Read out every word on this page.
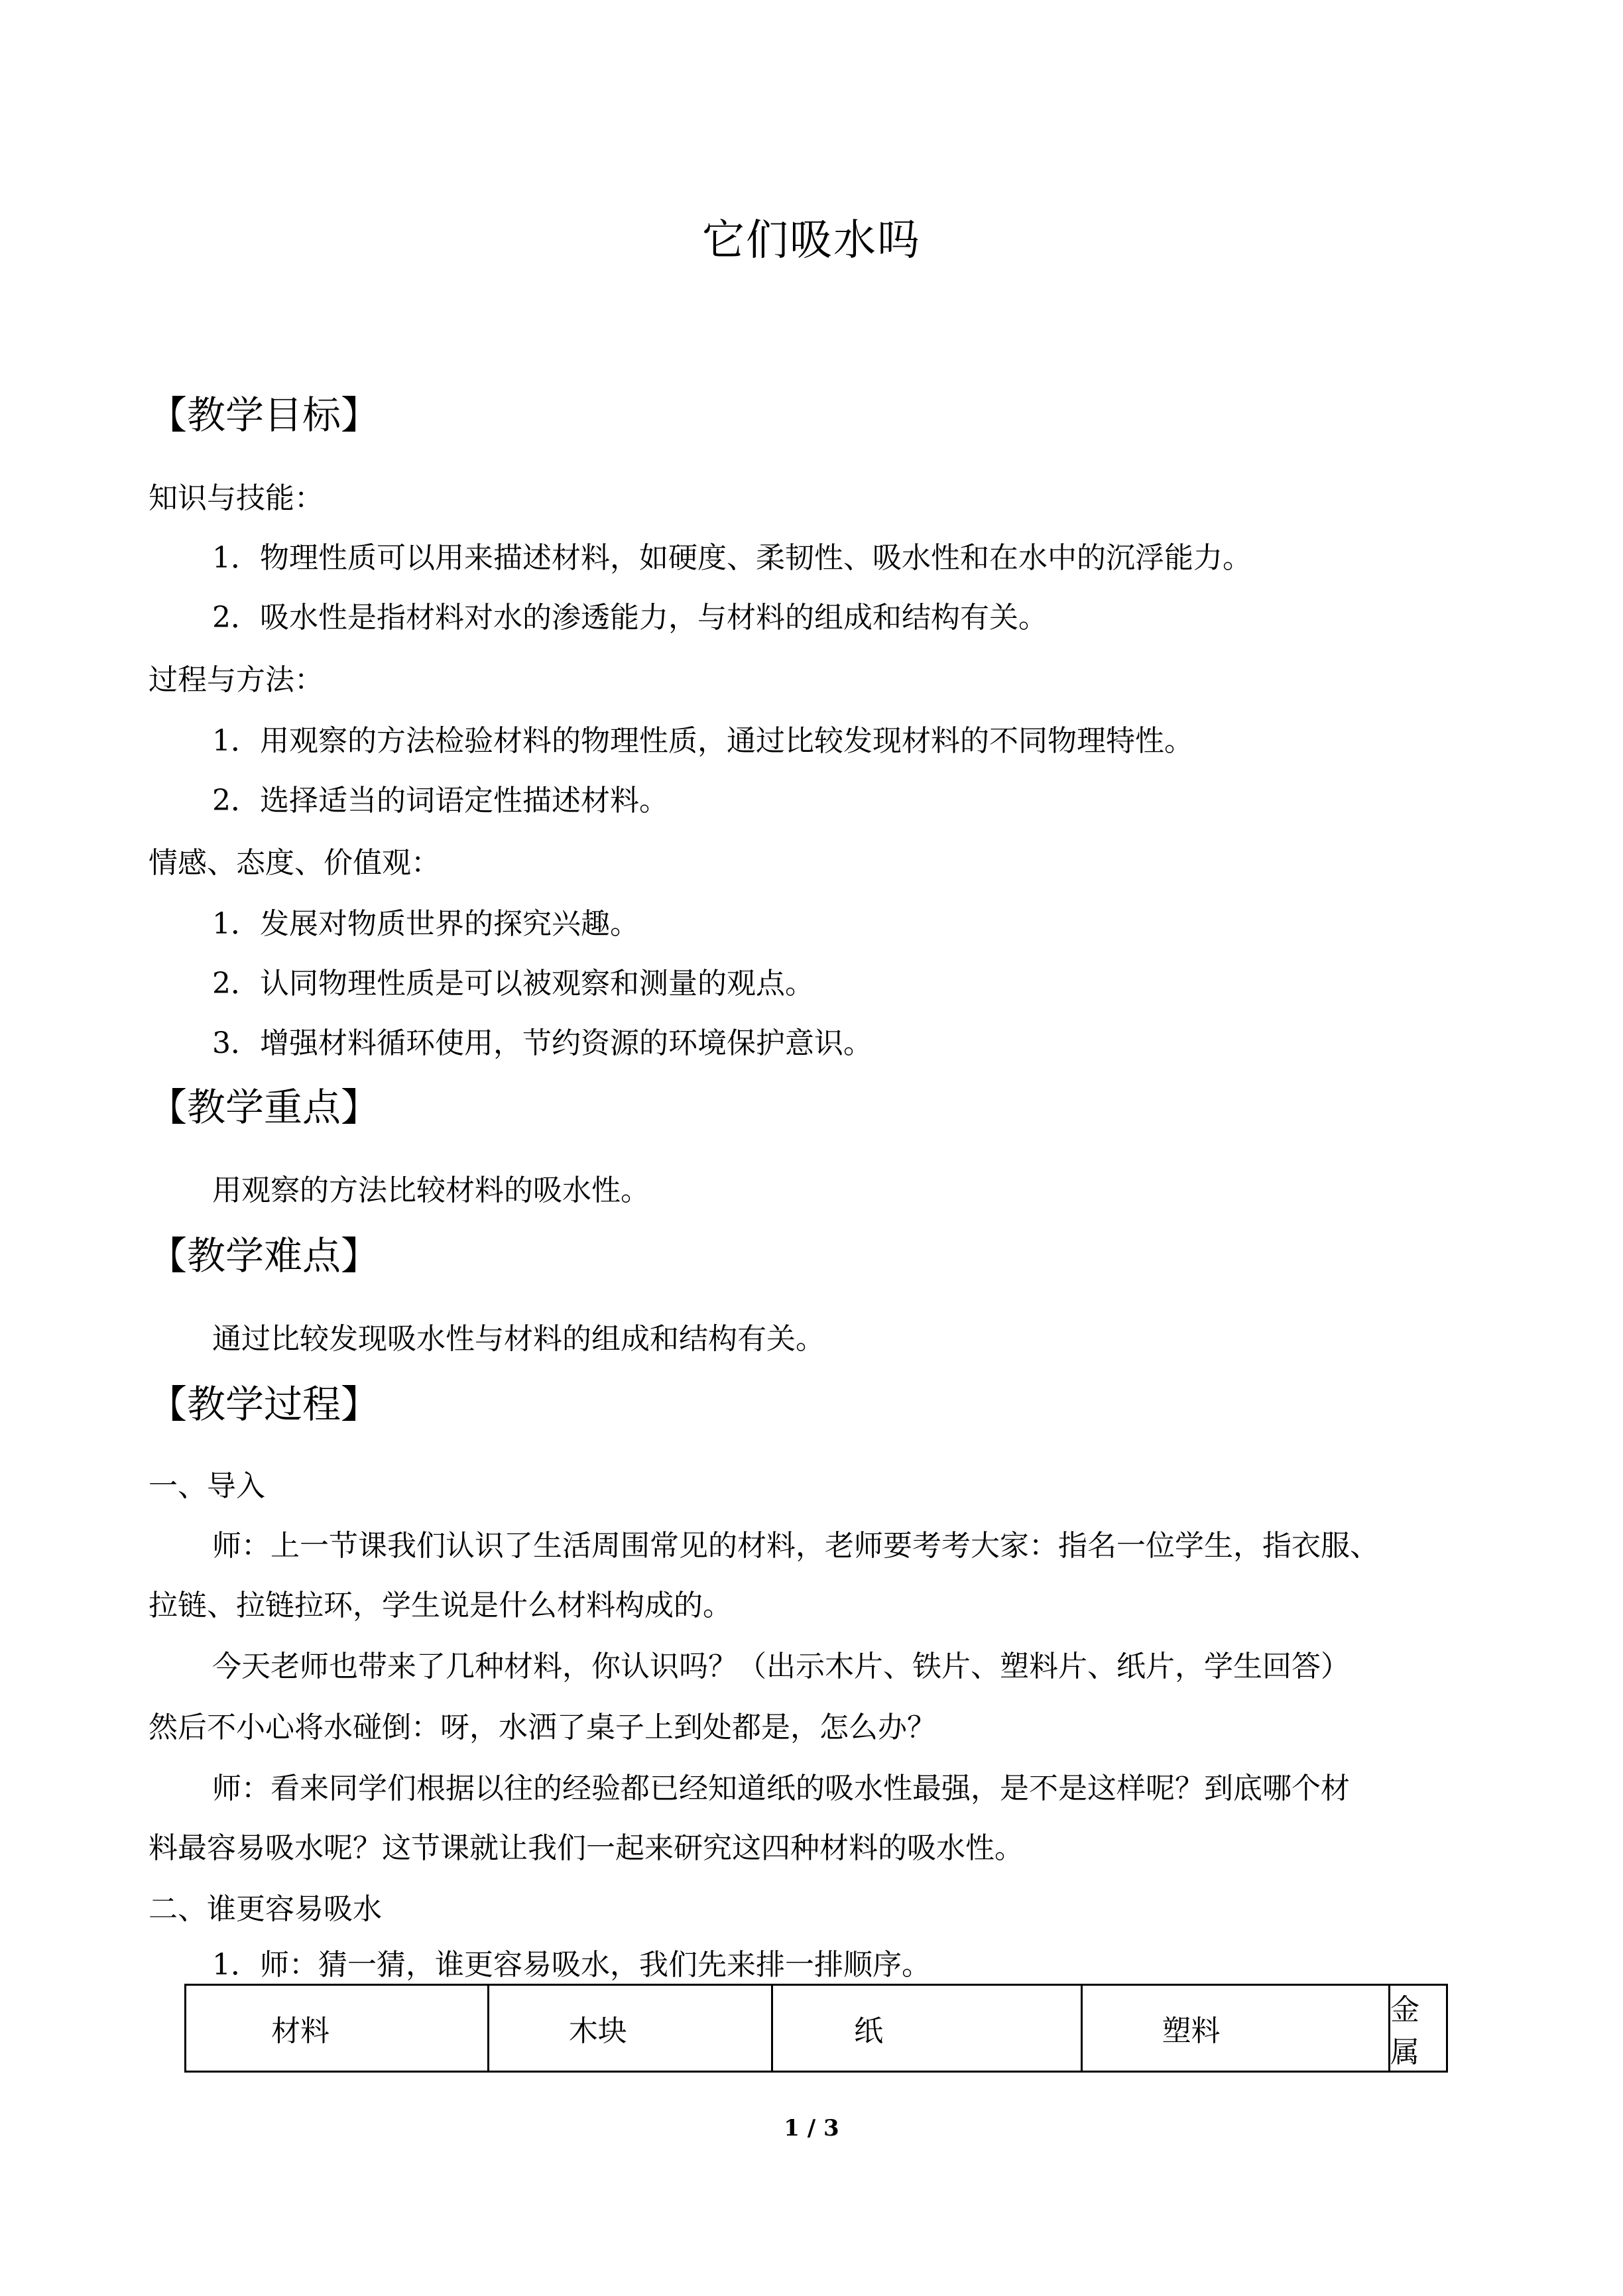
它们吸水吗
【教学目标】
知识与技能：
1．物理性质可以用来描述材料，如硬度、柔韧性、吸水性和在水中的沉浮能力。
2．吸水性是指材料对水的渗透能力，与材料的组成和结构有关。
过程与方法：
1．用观察的方法检验材料的物理性质，通过比较发现材料的不同物理特性。
2．选择适当的词语定性描述材料。
情感、态度、价值观：
1．发展对物质世界的探究兴趣。
2．认同物理性质是可以被观察和测量的观点。
3．增强材料循环使用，节约资源的环境保护意识。
【教学重点】
用观察的方法比较材料的吸水性。
【教学难点】
通过比较发现吸水性与材料的组成和结构有关。
【教学过程】
一、导入
师：上一节课我们认识了生活周围常见的材料，老师要考考大家：指名一位学生，指衣服、
拉链、拉链拉环，学生说是什么材料构成的。
今天老师也带来了几种材料，你认识吗？（出示木片、铁片、塑料片、纸片，学生回答）
然后不小心将水碰倒：呀，水洒了桌子上到处都是，怎么办？
师：看来同学们根据以往的经验都已经知道纸的吸水性最强，是不是这样呢？到底哪个材
料最容易吸水呢？这节课就让我们一起来研究这四种材料的吸水性。
二、谁更容易吸水
1．师：猜一猜，谁更容易吸水，我们先来排一排顺序。
材料	木块	纸	塑料	金属
1 / 3
